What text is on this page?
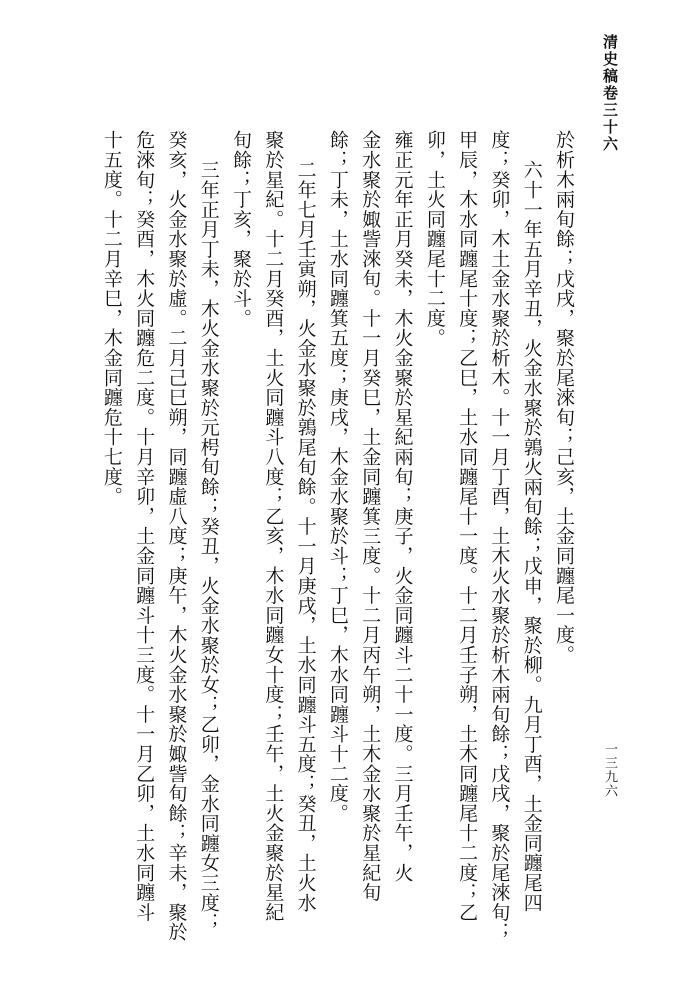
清史稿卷三十六
一三九六
於析木兩旬餘；戊戌，聚於尾淶旬；己亥，土金同躔尾一度。
六十一年五月辛丑，火金水聚於鶉火兩旬餘；戊申，聚於柳。九月丁酉，土金同躔尾四
度；癸卯，木土金水聚於析木。十一月丁酉，土木火水聚於析木兩旬餘；戊戌，聚於尾淶旬；
甲辰，木水同躔尾十度；乙巳，土水同躔尾十一度。十二月壬子朔，土木同躔尾十二度；乙
卯，土火同躔尾十二度。
雍正元年正月癸未，木火金聚於星紀兩旬；庚子，火金同躔斗二十一度。三月壬午，火
金水聚於娵訾淶旬。十一月癸巳，土金同躔箕三度。十二月丙午朔，土木金水聚於星紀旬
餘；丁未，土水同躔箕五度；庚戌，木金水聚於斗；丁巳，木水同躔斗十二度。
二年七月壬寅朔，火金水聚於鶉尾旬餘。十一月庚戌，土水同躔斗五度；癸丑，土火水
聚於星紀。十二月癸酉，土火同躔斗八度；乙亥，木水同躔女十度；壬午，土火金聚於星紀
旬餘；丁亥，聚於斗。
三年正月丁未，木火金水聚於元枵旬餘；癸丑，火金水聚於女；乙卯，金水同躔女三度；
癸亥，火金水聚於虛。二月己巳朔，同躔虛八度；庚午，木火金水聚於娵訾旬餘；辛未，聚於
危淶旬；癸酉，木火同躔危二度。十月辛卯，土金同躔斗十三度。十一月乙卯，土水同躔斗
十五度。十二月辛巳，木金同躔危十七度。
